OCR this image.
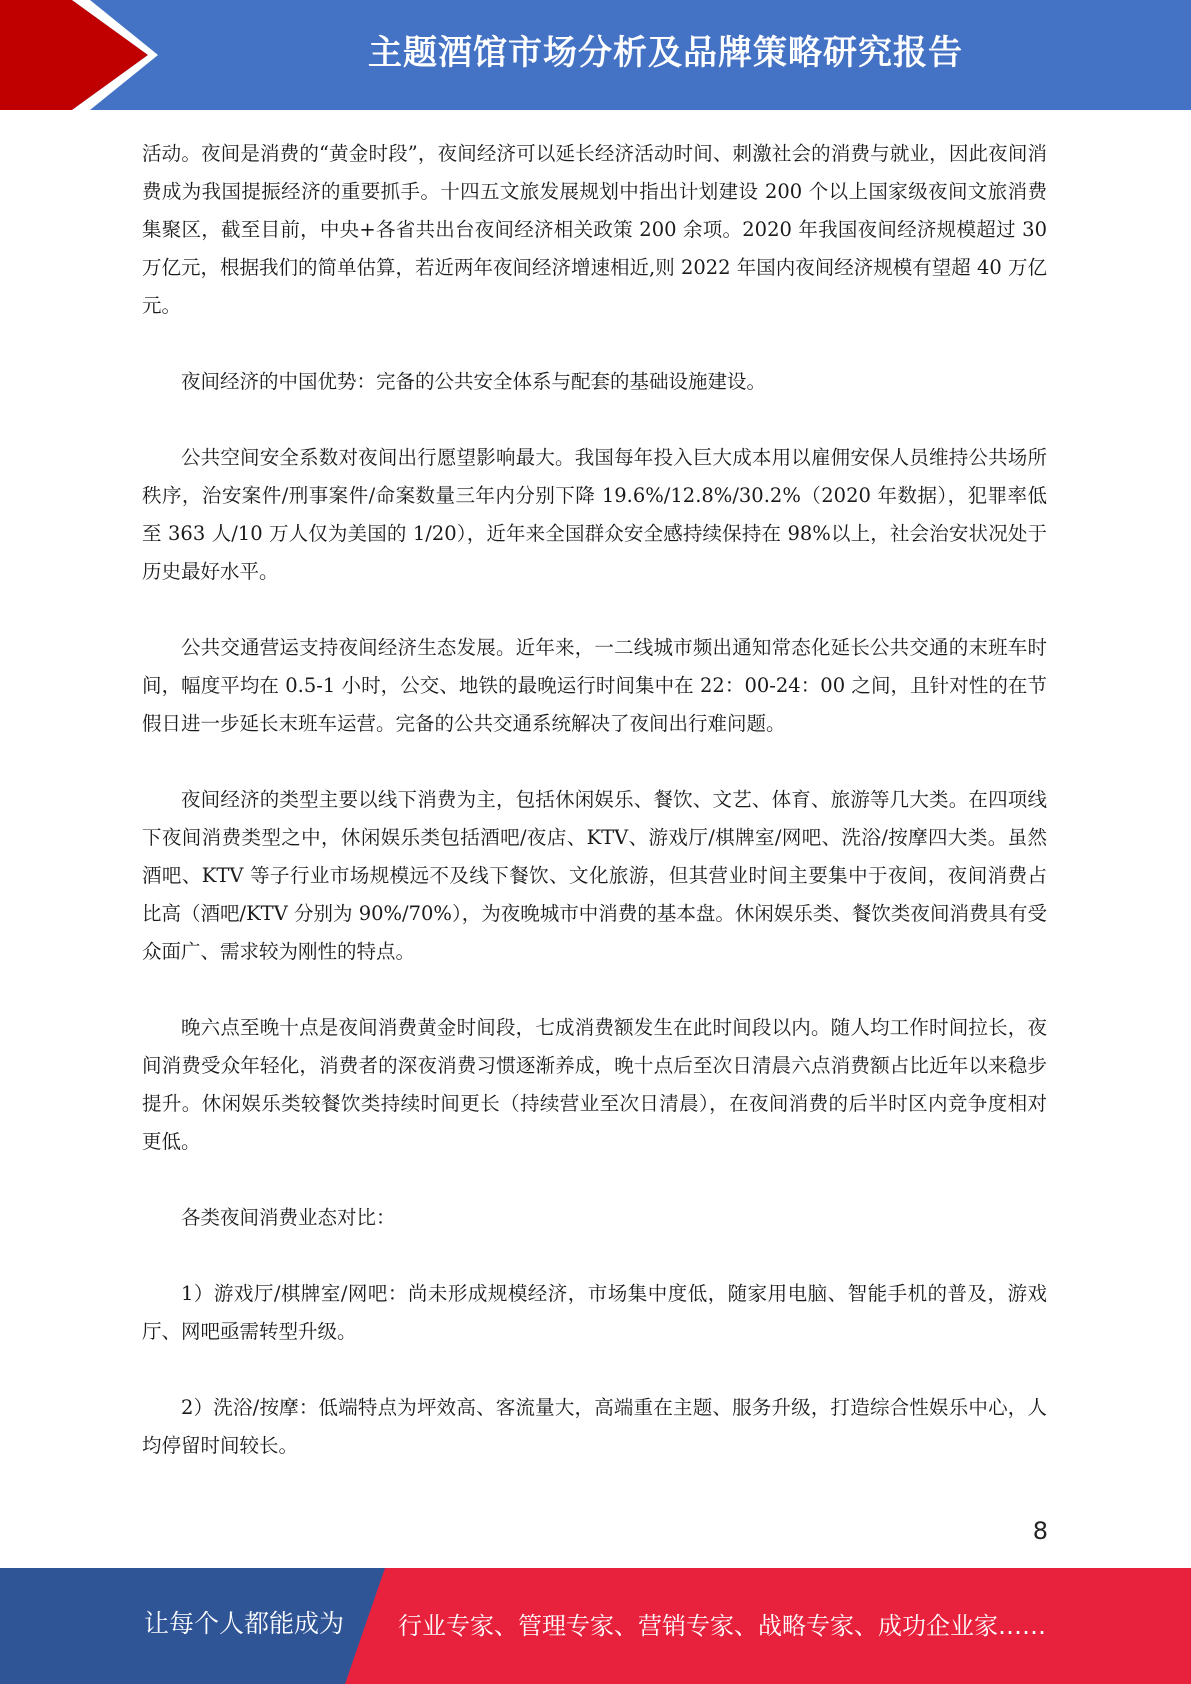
主题酒馆市场分析及品牌策略研究报告

活动。夜间是消费的“黄金时段”，夜间经济可以延长经济活动时间、刺激社会的消费与就业，因此夜间消费成为我国提振经济的重要抓手。十四五文旅发展规划中指出计划建设 200 个以上国家级夜间文旅消费集聚区，截至目前，中央+各省共出台夜间经济相关政策 200 余项。2020 年我国夜间经济规模超过 30 万亿元，根据我们的简单估算，若近两年夜间经济增速相近,则 2022 年国内夜间经济规模有望超 40 万亿元。

夜间经济的中国优势：完备的公共安全体系与配套的基础设施建设。

公共空间安全系数对夜间出行愿望影响最大。我国每年投入巨大成本用以雇佣安保人员维持公共场所秩序，治安案件/刑事案件/命案数量三年内分别下降 19.6%/12.8%/30.2%（2020 年数据），犯罪率低至 363 人/10 万人仅为美国的 1/20），近年来全国群众安全感持续保持在 98%以上，社会治安状况处于历史最好水平。

公共交通营运支持夜间经济生态发展。近年来，一二线城市频出通知常态化延长公共交通的末班车时间，幅度平均在 0.5-1 小时，公交、地铁的最晚运行时间集中在 22：00-24：00 之间，且针对性的在节假日进一步延长末班车运营。完备的公共交通系统解决了夜间出行难问题。

夜间经济的类型主要以线下消费为主，包括休闲娱乐、餐饮、文艺、体育、旅游等几大类。在四项线下夜间消费类型之中，休闲娱乐类包括酒吧/夜店、KTV、游戏厅/棋牌室/网吧、洗浴/按摩四大类。虽然酒吧、KTV 等子行业市场规模远不及线下餐饮、文化旅游，但其营业时间主要集中于夜间，夜间消费占比高（酒吧/KTV 分别为 90%/70%），为夜晚城市中消费的基本盘。休闲娱乐类、餐饮类夜间消费具有受众面广、需求较为刚性的特点。

晚六点至晚十点是夜间消费黄金时间段，七成消费额发生在此时间段以内。随人均工作时间拉长，夜间消费受众年轻化，消费者的深夜消费习惯逐渐养成，晚十点后至次日清晨六点消费额占比近年以来稳步提升。休闲娱乐类较餐饮类持续时间更长（持续营业至次日清晨），在夜间消费的后半时区内竞争度相对更低。

各类夜间消费业态对比：

1）游戏厅/棋牌室/网吧：尚未形成规模经济，市场集中度低，随家用电脑、智能手机的普及，游戏厅、网吧亟需转型升级。

2）洗浴/按摩：低端特点为坪效高、客流量大，高端重在主题、服务升级，打造综合性娱乐中心，人均停留时间较长。

8
让每个人都能成为 行业专家、管理专家、营销专家、战略专家、成功企业家……
